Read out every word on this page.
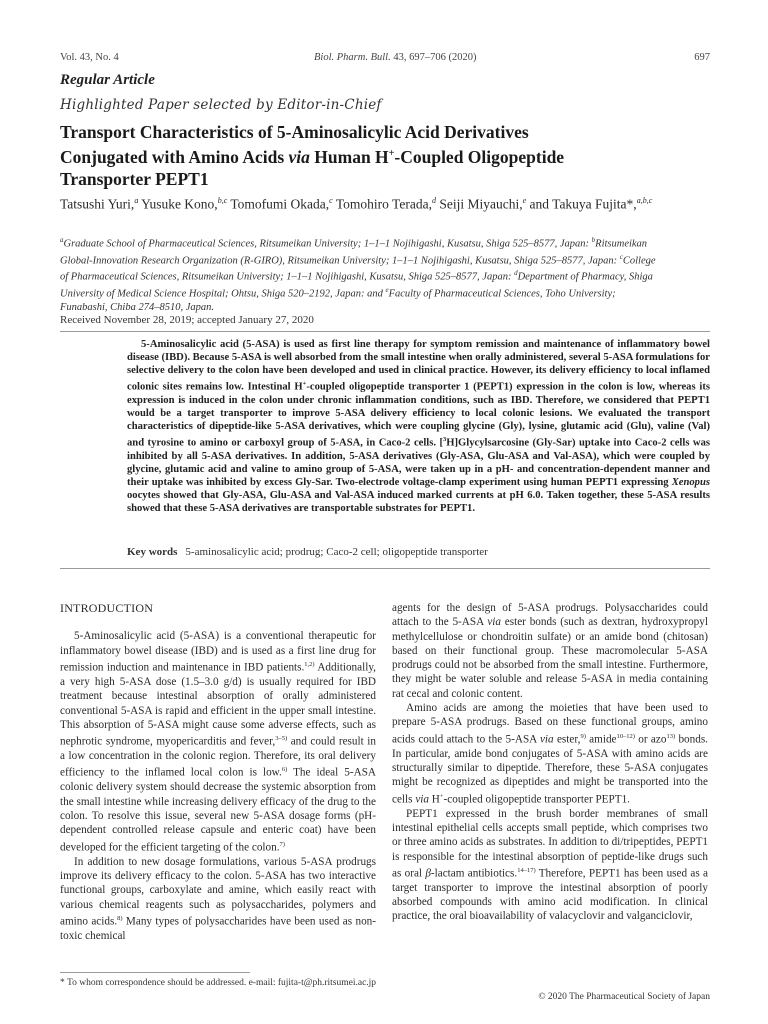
Vol. 43, No. 4	Biol. Pharm. Bull. 43, 697–706 (2020)	697
Regular Article
Highlighted Paper selected by Editor-in-Chief
Transport Characteristics of 5-Aminosalicylic Acid Derivatives
Conjugated with Amino Acids via Human H+-Coupled Oligopeptide
Transporter PEPT1
Tatsushi Yuri,$^a$ Yusuke Kono,$^{b,c}$ Tomofumi Okada,$^c$ Tomohiro Terada,$^d$ Seiji Miyauchi,$^e$ and Takuya Fujita*,$^{a,b,c}$
$^a$Graduate School of Pharmaceutical Sciences, Ritsumeikan University; 1–1–1 Nojihigashi, Kusatsu, Shiga 525–8577, Japan: $^b$Ritsumeikan Global-Innovation Research Organization (R-GIRO), Ritsumeikan University; 1–1–1 Nojihigashi, Kusatsu, Shiga 525–8577, Japan: $^c$College of Pharmaceutical Sciences, Ritsumeikan University; 1–1–1 Nojihigashi, Kusatsu, Shiga 525–8577, Japan: $^d$Department of Pharmacy, Shiga University of Medical Science Hospital; Ohtsu, Shiga 520–2192, Japan: and $^e$Faculty of Pharmaceutical Sciences, Toho University; Funabashi, Chiba 274–8510, Japan.
Received November 28, 2019; accepted January 27, 2020
5-Aminosalicylic acid (5-ASA) is used as first line therapy for symptom remission and maintenance of inflammatory bowel disease (IBD). Because 5-ASA is well absorbed from the small intestine when orally administered, several 5-ASA formulations for selective delivery to the colon have been developed and used in clinical practice. However, its delivery efficiency to local inflamed colonic sites remains low. Intestinal H+-coupled oligopeptide transporter 1 (PEPT1) expression in the colon is low, whereas its expression is induced in the colon under chronic inflammation conditions, such as IBD. Therefore, we considered that PEPT1 would be a target transporter to improve 5-ASA delivery efficiency to local colonic lesions. We evaluated the transport characteristics of dipeptide-like 5-ASA derivatives, which were coupling glycine (Gly), lysine, glutamic acid (Glu), valine (Val) and tyrosine to amino or carboxyl group of 5-ASA, in Caco-2 cells. [$^3$H]Glycylsarcosine (Gly-Sar) uptake into Caco-2 cells was inhibited by all 5-ASA derivatives. In addition, 5-ASA derivatives (Gly-ASA, Glu-ASA and Val-ASA), which were coupled by glycine, glutamic acid and valine to amino group of 5-ASA, were taken up in a pH- and concentration-dependent manner and their uptake was inhibited by excess Gly-Sar. Two-electrode voltage-clamp experiment using human PEPT1 expressing Xenopus oocytes showed that Gly-ASA, Glu-ASA and Val-ASA induced marked currents at pH 6.0. Taken together, these 5-ASA results showed that these 5-ASA derivatives are transportable substrates for PEPT1.
Key words 5-aminosalicylic acid; prodrug; Caco-2 cell; oligopeptide transporter
INTRODUCTION

5-Aminosalicylic acid (5-ASA) is a conventional therapeutic for inflammatory bowel disease (IBD) and is used as a first line drug for remission induction and maintenance in IBD patients.$^{1,2)}$ Additionally, a very high 5-ASA dose (1.5–3.0 g/d) is usually required for IBD treatment because intestinal absorption of orally administered conventional 5-ASA is rapid and efficient in the upper small intestine. This absorption of 5-ASA might cause some adverse effects, such as nephrotic syndrome, myopericarditis and fever,$^{3-5)}$ and could result in a low concentration in the colonic region. Therefore, its oral delivery efficiency to the inflamed local colon is low.$^{6)}$ The ideal 5-ASA colonic delivery system should decrease the systemic absorption from the small intestine while increasing delivery efficacy of the drug to the colon. To resolve this issue, several new 5-ASA dosage forms (pH-dependent controlled release capsule and enteric coat) have been developed for the efficient targeting of the colon.$^{7)}$

In addition to new dosage formulations, various 5-ASA prodrugs improve its delivery efficacy to the colon. 5-ASA has two interactive functional groups, carboxylate and amine, which easily react with various chemical reagents such as polysaccharides, polymers and amino acids.$^{8)}$ Many types of polysaccharides have been used as non-toxic chemical

agents for the design of 5-ASA prodrugs. Polysaccharides could attach to the 5-ASA via ester bonds (such as dextran, hydroxypropyl methylcellulose or chondroitin sulfate) or an amide bond (chitosan) based on their functional group. These macromolecular 5-ASA prodrugs could not be absorbed from the small intestine. Furthermore, they might be water soluble and release 5-ASA in media containing rat cecal and colonic content.

Amino acids are among the moieties that have been used to prepare 5-ASA prodrugs. Based on these functional groups, amino acids could attach to the 5-ASA via ester,$^{9)}$ amide$^{10-12)}$ or azo$^{13)}$ bonds. In particular, amide bond conjugates of 5-ASA with amino acids are structurally similar to dipeptide. Therefore, these 5-ASA conjugates might be recognized as dipeptides and might be transported into the cells via H+-coupled oligopeptide transporter PEPT1.

PEPT1 expressed in the brush border membranes of small intestinal epithelial cells accepts small peptide, which comprises two or three amino acids as substrates. In addition to di/tripeptides, PEPT1 is responsible for the intestinal absorption of peptide-like drugs such as oral β-lactam antibiotics.$^{14-17)}$ Therefore, PEPT1 has been used as a target transporter to improve the intestinal absorption of poorly absorbed compounds with amino acid modification. In clinical practice, the oral bioavailability of valacyclovir and valganciclovir,

* To whom correspondence should be addressed. e-mail: fujita-t@ph.ritsumei.ac.jp
© 2020 The Pharmaceutical Society of Japan
